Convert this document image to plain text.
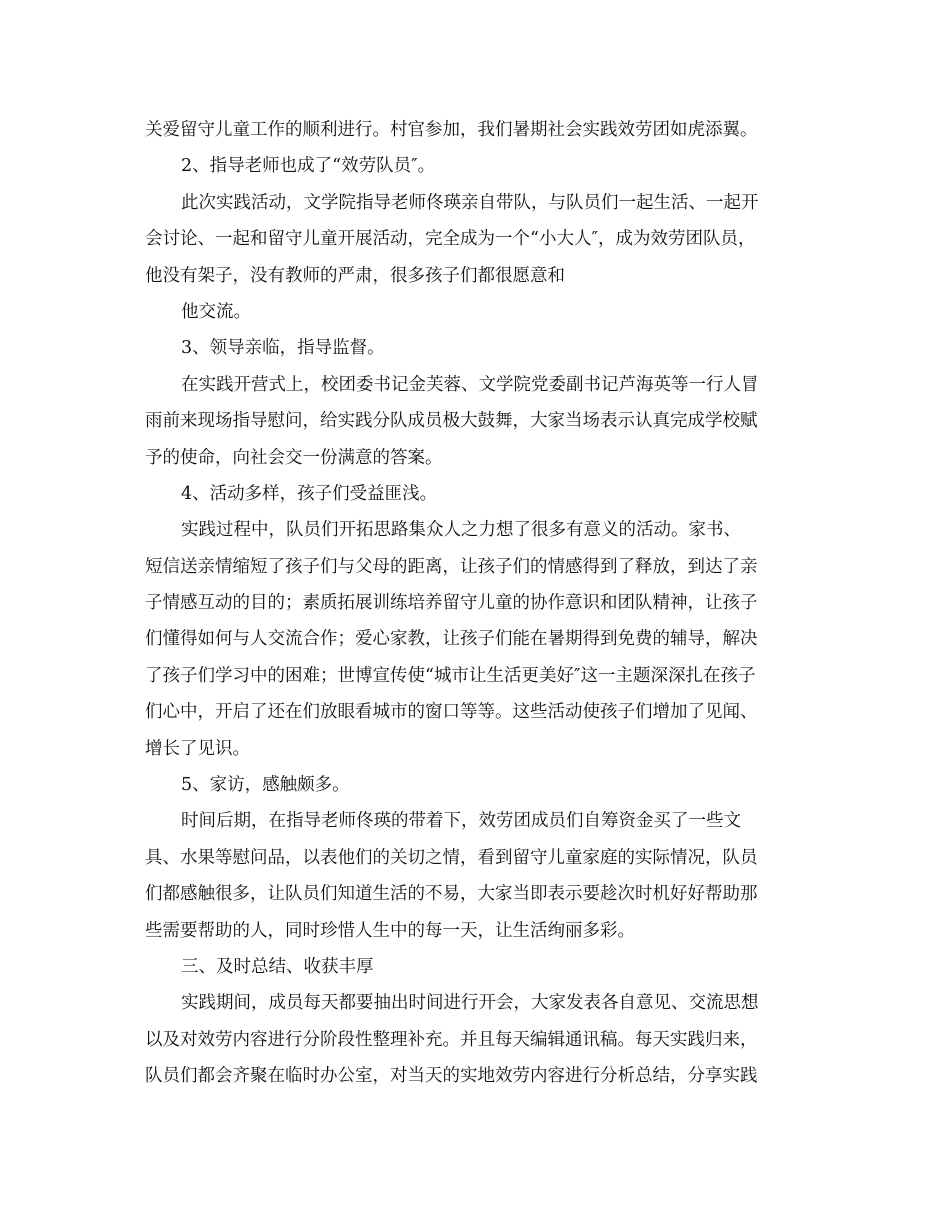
关爱留守儿童工作的顺利进行。村官参加，我们暑期社会实践效劳团如虎添翼。
2、指导老师也成了“效劳队员″。
此次实践活动，文学院指导老师佟瑛亲自带队，与队员们一起生活、一起开
会讨论、一起和留守儿童开展活动，完全成为一个“小大人″，成为效劳团队员，
他没有架子，没有教师的严肃，很多孩子们都很愿意和
他交流。
3、领导亲临，指导监督。
在实践开营式上，校团委书记金芙蓉、文学院党委副书记芦海英等一行人冒
雨前来现场指导慰问，给实践分队成员极大鼓舞，大家当场表示认真完成学校赋
予的使命，向社会交一份满意的答案。
4、活动多样，孩子们受益匪浅。
实践过程中，队员们开拓思路集众人之力想了很多有意义的活动。家书、
短信送亲情缩短了孩子们与父母的距离，让孩子们的情感得到了释放，到达了亲
子情感互动的目的；素质拓展训练培养留守儿童的协作意识和团队精神，让孩子
们懂得如何与人交流合作；爱心家教，让孩子们能在暑期得到免费的辅导，解决
了孩子们学习中的困难；世博宣传使“城市让生活更美好″这一主题深深扎在孩子
们心中，开启了还在们放眼看城市的窗口等等。这些活动使孩子们增加了见闻、
增长了见识。
5、家访，感触颇多。
时间后期，在指导老师佟瑛的带着下，效劳团成员们自筹资金买了一些文
具、水果等慰问品，以表他们的关切之情，看到留守儿童家庭的实际情况，队员
们都感触很多，让队员们知道生活的不易，大家当即表示要趁次时机好好帮助那
些需要帮助的人，同时珍惜人生中的每一天，让生活绚丽多彩。
三、及时总结、收获丰厚
实践期间，成员每天都要抽出时间进行开会，大家发表各自意见、交流思想
以及对效劳内容进行分阶段性整理补充。并且每天编辑通讯稿。每天实践归来，
队员们都会齐聚在临时办公室，对当天的实地效劳内容进行分析总结，分享实践
